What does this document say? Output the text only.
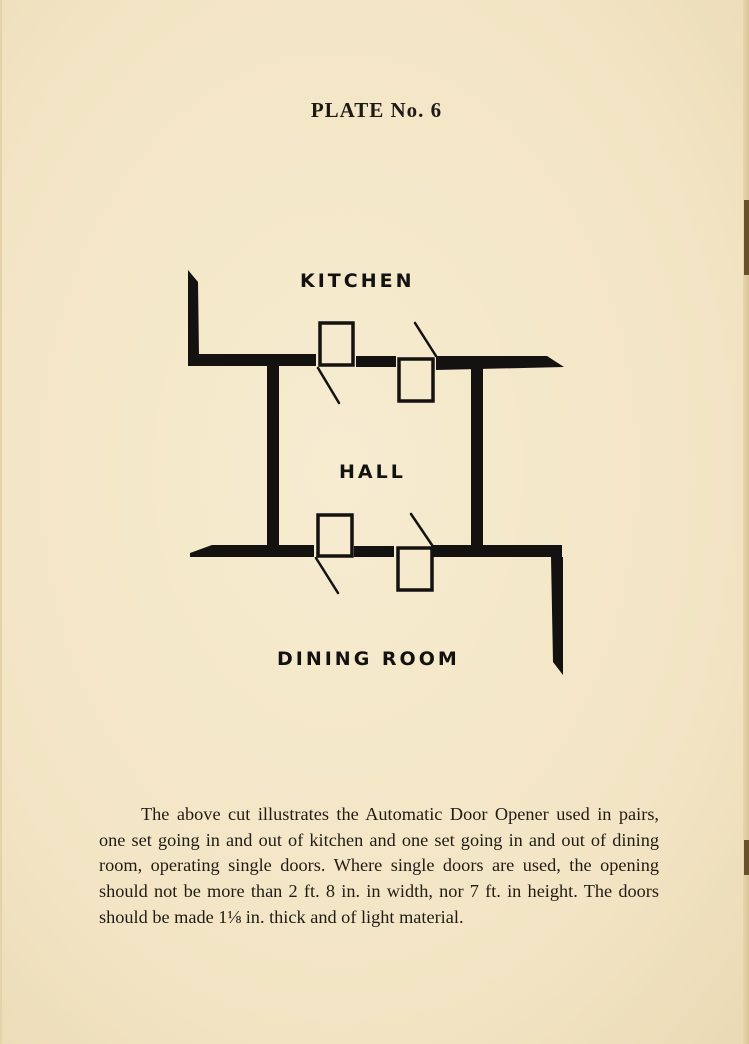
PLATE No. 6
KITCHEN
HALL
DINING ROOM

The above cut illustrates the Automatic Door Opener used in pairs, one set going in and out of kitchen and one set going in and out of dining room, operating single doors. Where single doors are used, the opening should not be more than 2 ft. 8 in. in width, nor 7 ft. in height. The doors should be made 1⅛ in. thick and of light material.
